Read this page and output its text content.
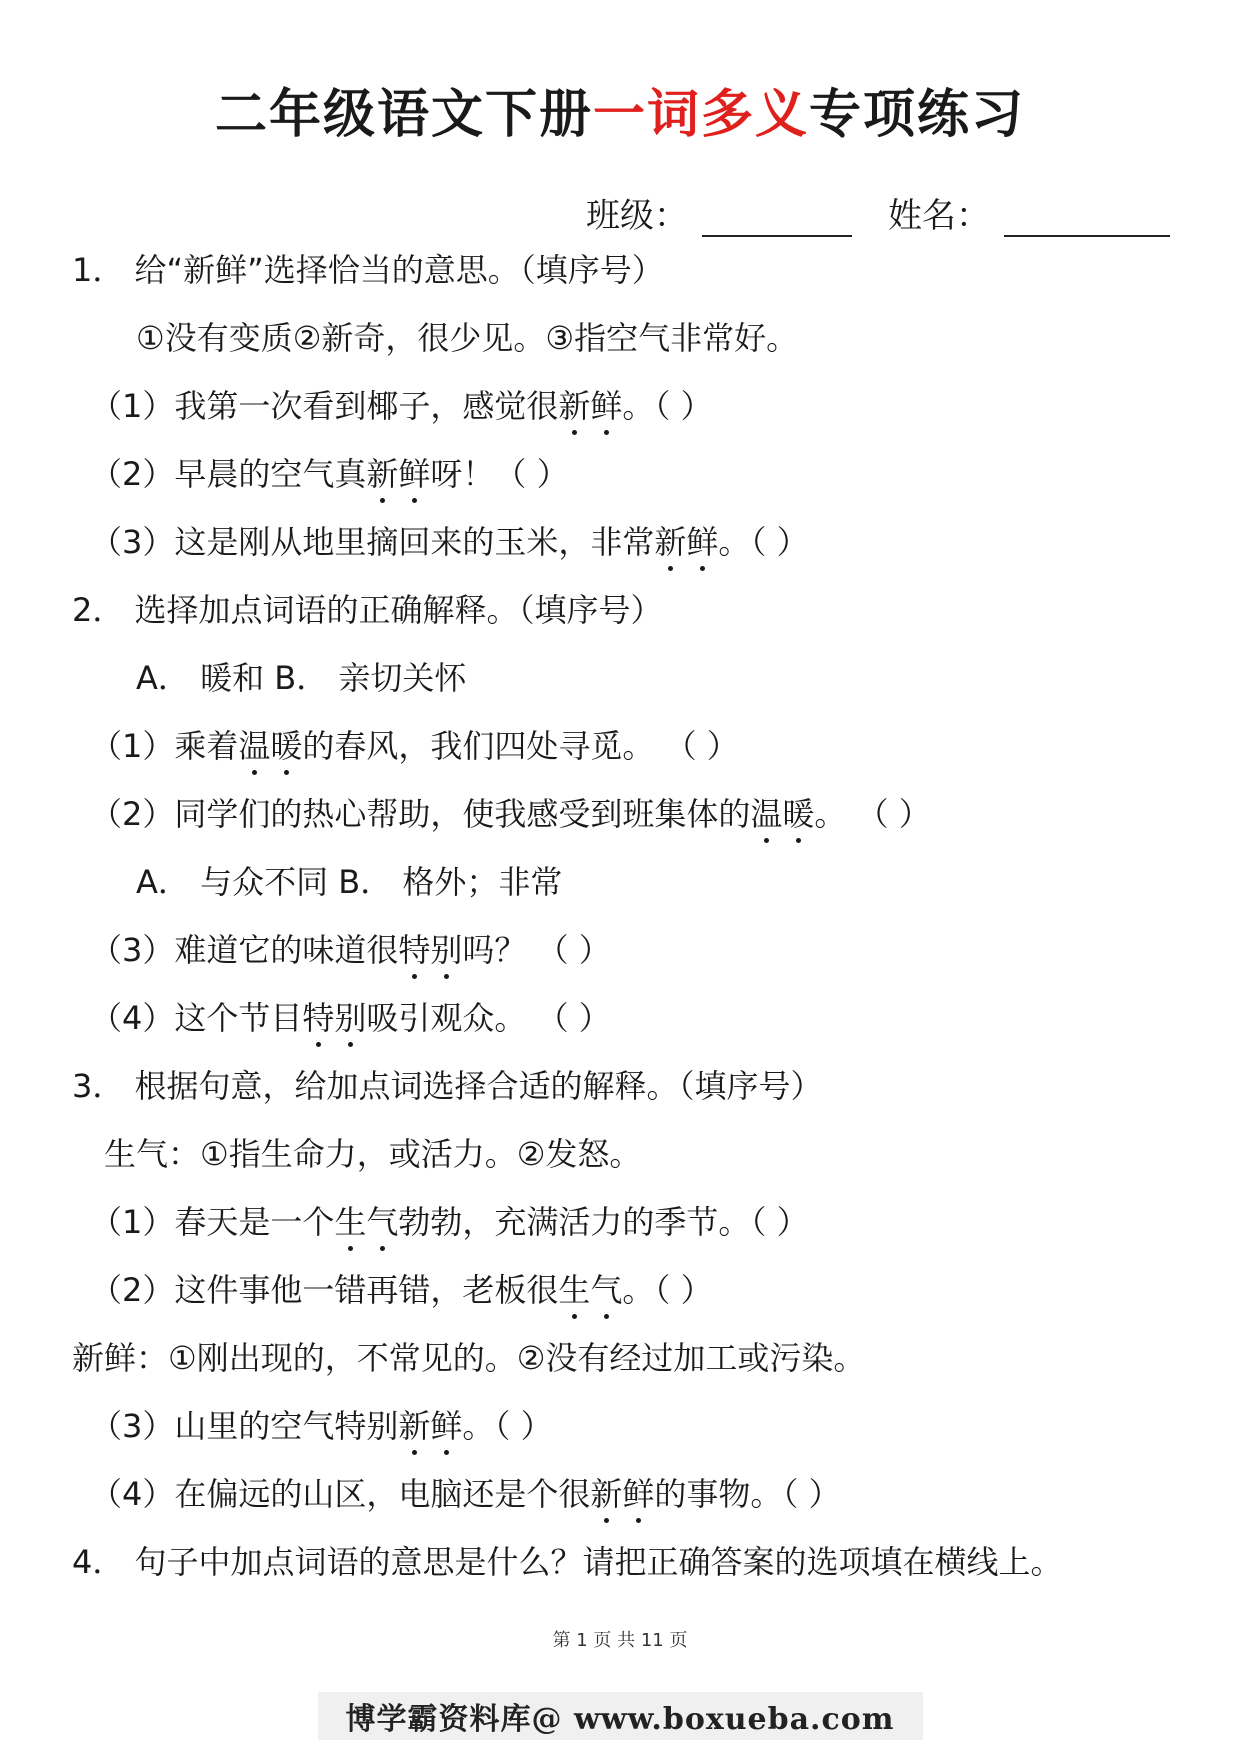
二年级语文下册一词多义专项练习
班级：	姓名：
1． 给“新鲜”选择恰当的意思。（填序号）
①没有变质②新奇，很少见。③指空气非常好。
（1）我第一次看到椰子，感觉很新鲜。（ ）
（2）早晨的空气真新鲜呀！（ ）
（3）这是刚从地里摘回来的玉米，非常新鲜。（ ）
2． 选择加点词语的正确解释。（填序号）
A． 暖和 B． 亲切关怀
（1）乘着温暖的春风，我们四处寻觅。 （ ）
（2）同学们的热心帮助，使我感受到班集体的温暖。 （ ）
A． 与众不同 B． 格外；非常
（3）难道它的味道很特别吗？ （ ）
（4）这个节目特别吸引观众。 （ ）
3． 根据句意，给加点词选择合适的解释。（填序号）
生气：①指生命力，或活力。②发怒。
（1）春天是一个生气勃勃，充满活力的季节。（ ）
（2）这件事他一错再错，老板很生气。（ ）
新鲜：①刚出现的，不常见的。②没有经过加工或污染。
（3）山里的空气特别新鲜。（ ）
（4）在偏远的山区，电脑还是个很新鲜的事物。（ ）
4． 句子中加点词语的意思是什么？请把正确答案的选项填在横线上。
第 1 页 共 11 页
博学霸资料库@ www.boxueba.com
